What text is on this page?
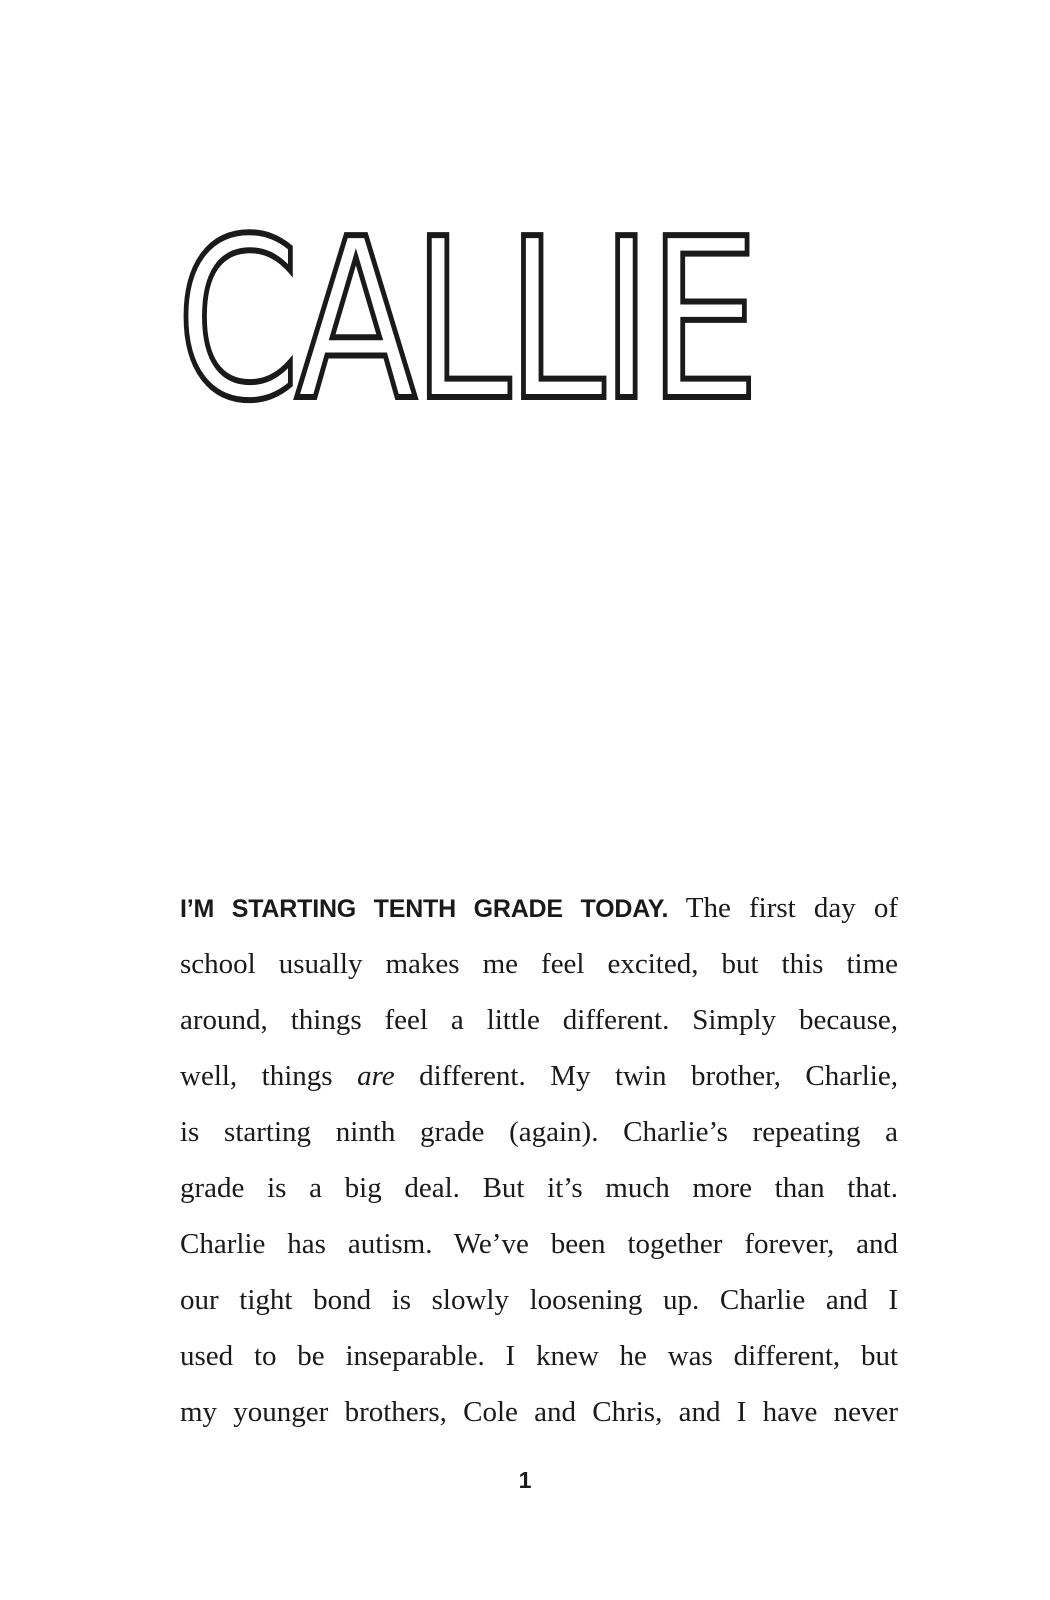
CALLIE
I’M STARTING TENTH GRADE TODAY. The first day of
school usually makes me feel excited, but this time
around, things feel a little different. Simply because,
well, things are different. My twin brother, Charlie,
is starting ninth grade (again). Charlie’s repeating a
grade is a big deal. But it’s much more than that.
Charlie has autism. We’ve been together forever, and
our tight bond is slowly loosening up. Charlie and I
used to be inseparable. I knew he was different, but
my younger brothers, Cole and Chris, and I have never
1
